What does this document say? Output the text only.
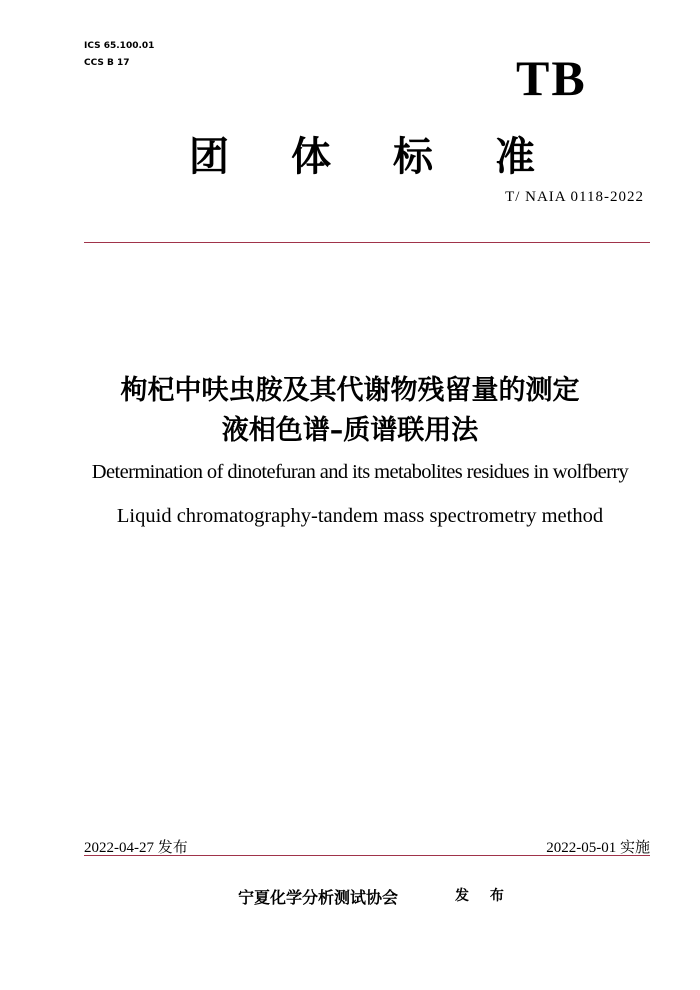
ICS 65.100.01
CCS B 17	TB
团体标准
T/ NAIA 0118-2022
枸杞中呋虫胺及其代谢物残留量的测定
液相色谱–质谱联用法
Determination of dinotefuran and its metabolites residues in wolfberry
Liquid chromatography-tandem mass spectrometry method
2022-04-27 发布	2022-05-01 实施
宁夏化学分析测试协会	发 布
